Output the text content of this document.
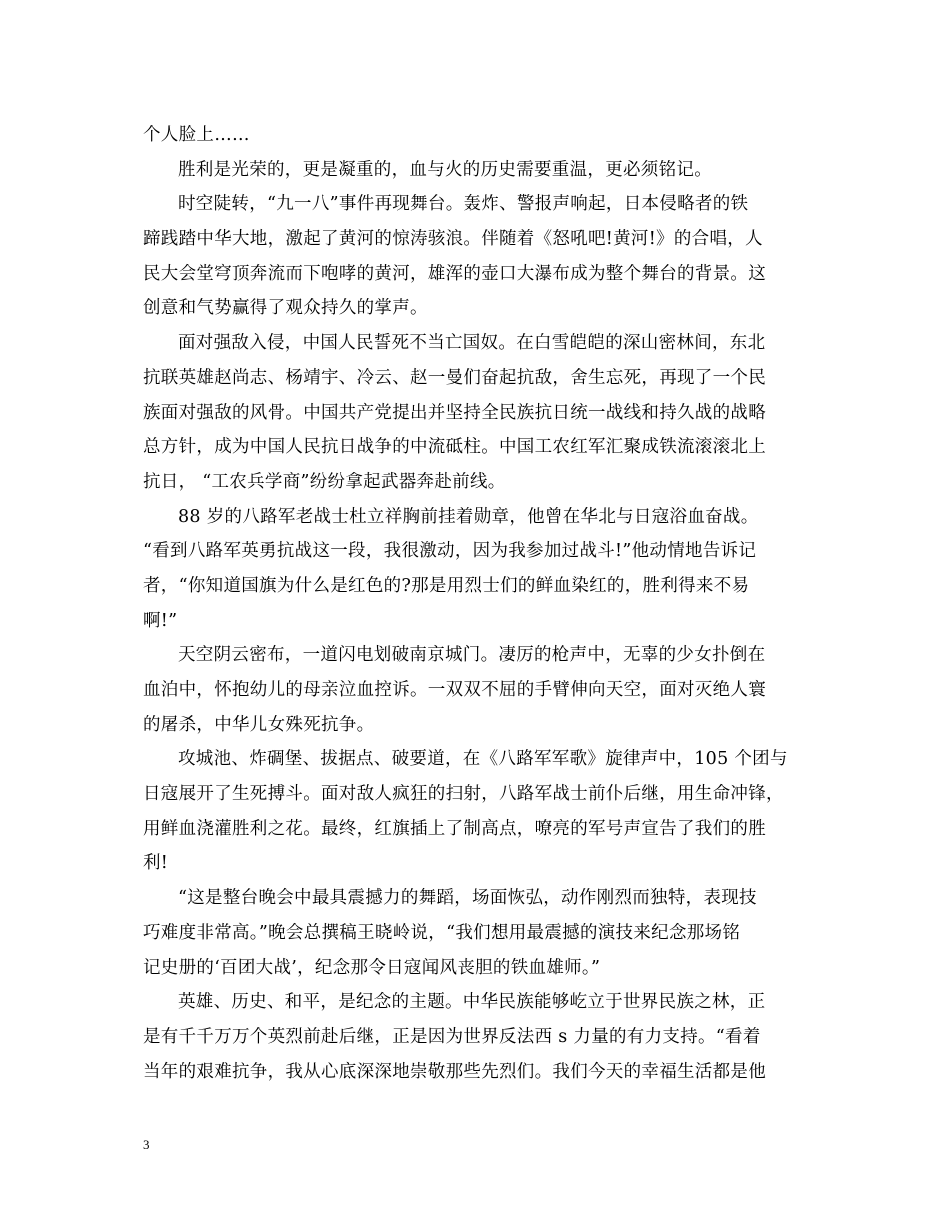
个人脸上……
胜利是光荣的，更是凝重的，血与火的历史需要重温，更必须铭记。
时空陡转，“九一八”事件再现舞台。轰炸、警报声响起，日本侵略者的铁
蹄践踏中华大地，激起了黄河的惊涛骇浪。伴随着《怒吼吧!黄河!》的合唱，人
民大会堂穹顶奔流而下咆哮的黄河，雄浑的壶口大瀑布成为整个舞台的背景。这
创意和气势赢得了观众持久的掌声。
面对强敌入侵，中国人民誓死不当亡国奴。在白雪皑皑的深山密林间，东北
抗联英雄赵尚志、杨靖宇、冷云、赵一曼们奋起抗敌，舍生忘死，再现了一个民
族面对强敌的风骨。中国共产党提出并坚持全民族抗日统一战线和持久战的战略
总方针，成为中国人民抗日战争的中流砥柱。中国工农红军汇聚成铁流滚滚北上
抗日， “工农兵学商”纷纷拿起武器奔赴前线。
88 岁的八路军老战士杜立祥胸前挂着勋章，他曾在华北与日寇浴血奋战。
“看到八路军英勇抗战这一段，我很激动，因为我参加过战斗!”他动情地告诉记
者，“你知道国旗为什么是红色的?那是用烈士们的鲜血染红的，胜利得来不易
啊!”
天空阴云密布，一道闪电划破南京城门。凄厉的枪声中，无辜的少女扑倒在
血泊中，怀抱幼儿的母亲泣血控诉。一双双不屈的手臂伸向天空，面对灭绝人寰
的屠杀，中华儿女殊死抗争。
攻城池、炸碉堡、拔据点、破要道，在《八路军军歌》旋律声中，105 个团与
日寇展开了生死搏斗。面对敌人疯狂的扫射，八路军战士前仆后继，用生命冲锋，
用鲜血浇灌胜利之花。最终，红旗插上了制高点，嘹亮的军号声宣告了我们的胜
利!
“这是整台晚会中最具震撼力的舞蹈，场面恢弘，动作刚烈而独特，表现技
巧难度非常高。”晚会总撰稿王晓岭说，“我们想用最震撼的演技来纪念那场铭
记史册的‘百团大战’，纪念那令日寇闻风丧胆的铁血雄师。”
英雄、历史、和平，是纪念的主题。中华民族能够屹立于世界民族之林，正
是有千千万万个英烈前赴后继，正是因为世界反法西 s 力量的有力支持。“看着
当年的艰难抗争，我从心底深深地崇敬那些先烈们。我们今天的幸福生活都是他
3
